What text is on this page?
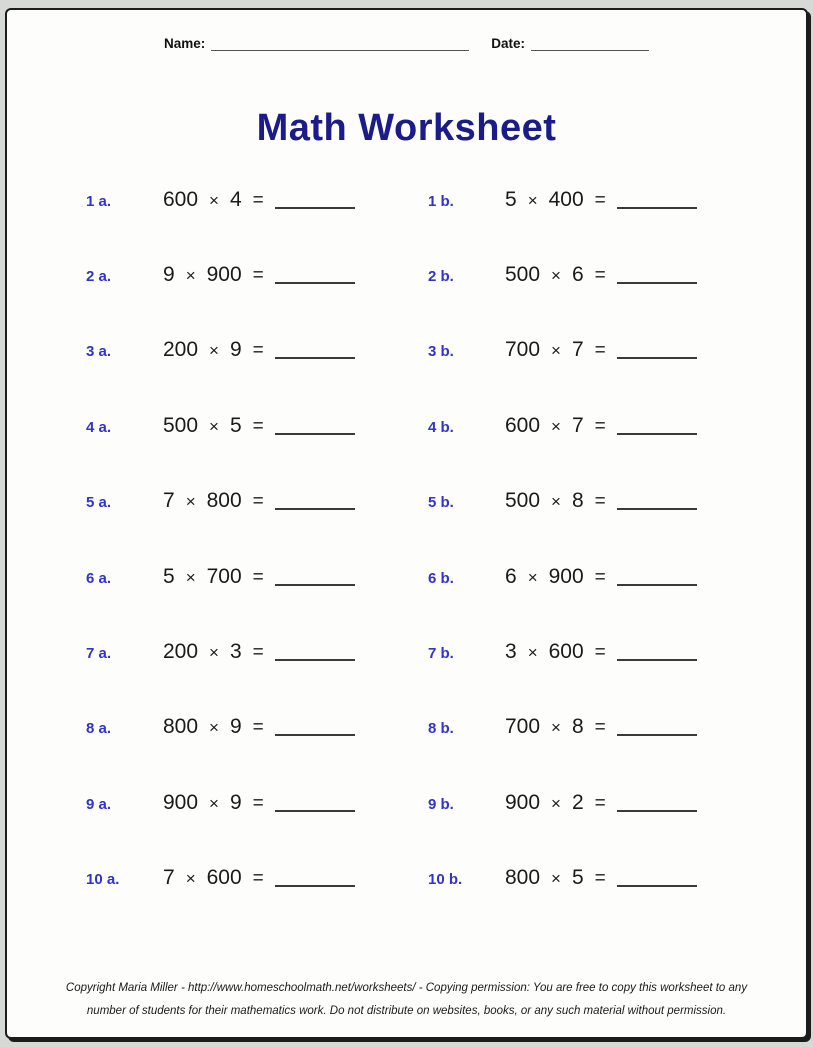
Name:	Date:
Math Worksheet
1 a. 600 × 4 =	1 b. 5 × 400 =
2 a. 9 × 900 =	2 b. 500 × 6 =
3 a. 200 × 9 =	3 b. 700 × 7 =
4 a. 500 × 5 =	4 b. 600 × 7 =
5 a. 7 × 800 =	5 b. 500 × 8 =
6 a. 5 × 700 =	6 b. 6 × 900 =
7 a. 200 × 3 =	7 b. 3 × 600 =
8 a. 800 × 9 =	8 b. 700 × 8 =
9 a. 900 × 9 =	9 b. 900 × 2 =
10 a. 7 × 600 =	10 b. 800 × 5 =
Copyright Maria Miller - http://www.homeschoolmath.net/worksheets/ - Copying permission: You are free to copy this worksheet to any
number of students for their mathematics work. Do not distribute on websites, books, or any such material without permission.
